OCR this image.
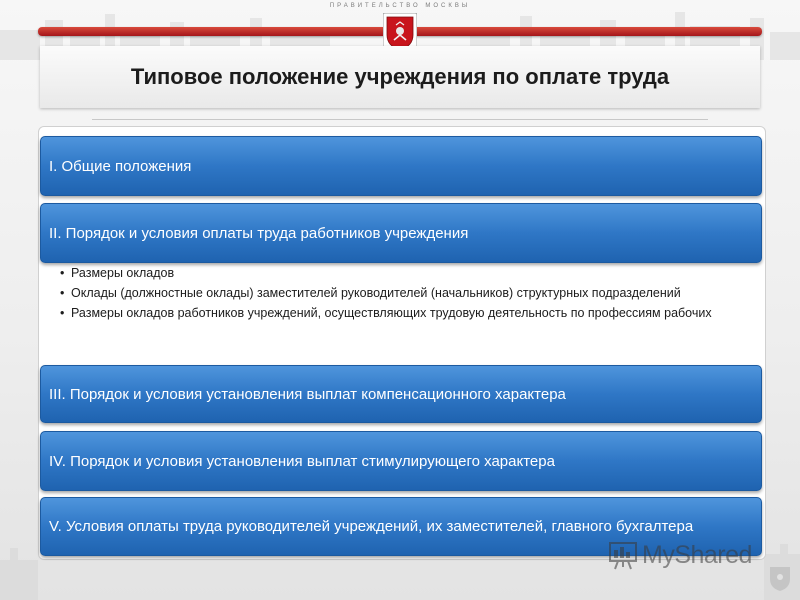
ПРАВИТЕЛЬСТВО МОСКВЫ
Типовое положение учреждения по оплате труда
I. Общие положения
II. Порядок и условия оплаты труда работников учреждения
• Размеры окладов
• Оклады (должностные оклады) заместителей руководителей (начальников) структурных подразделений
• Размеры окладов работников учреждений, осуществляющих трудовую деятельность по профессиям рабочих
III. Порядок и условия установления выплат компенсационного характера
IV. Порядок и условия установления выплат стимулирующего характера
V. Условия оплаты труда руководителей учреждений, их заместителей, главного бухгалтера
MyShared
